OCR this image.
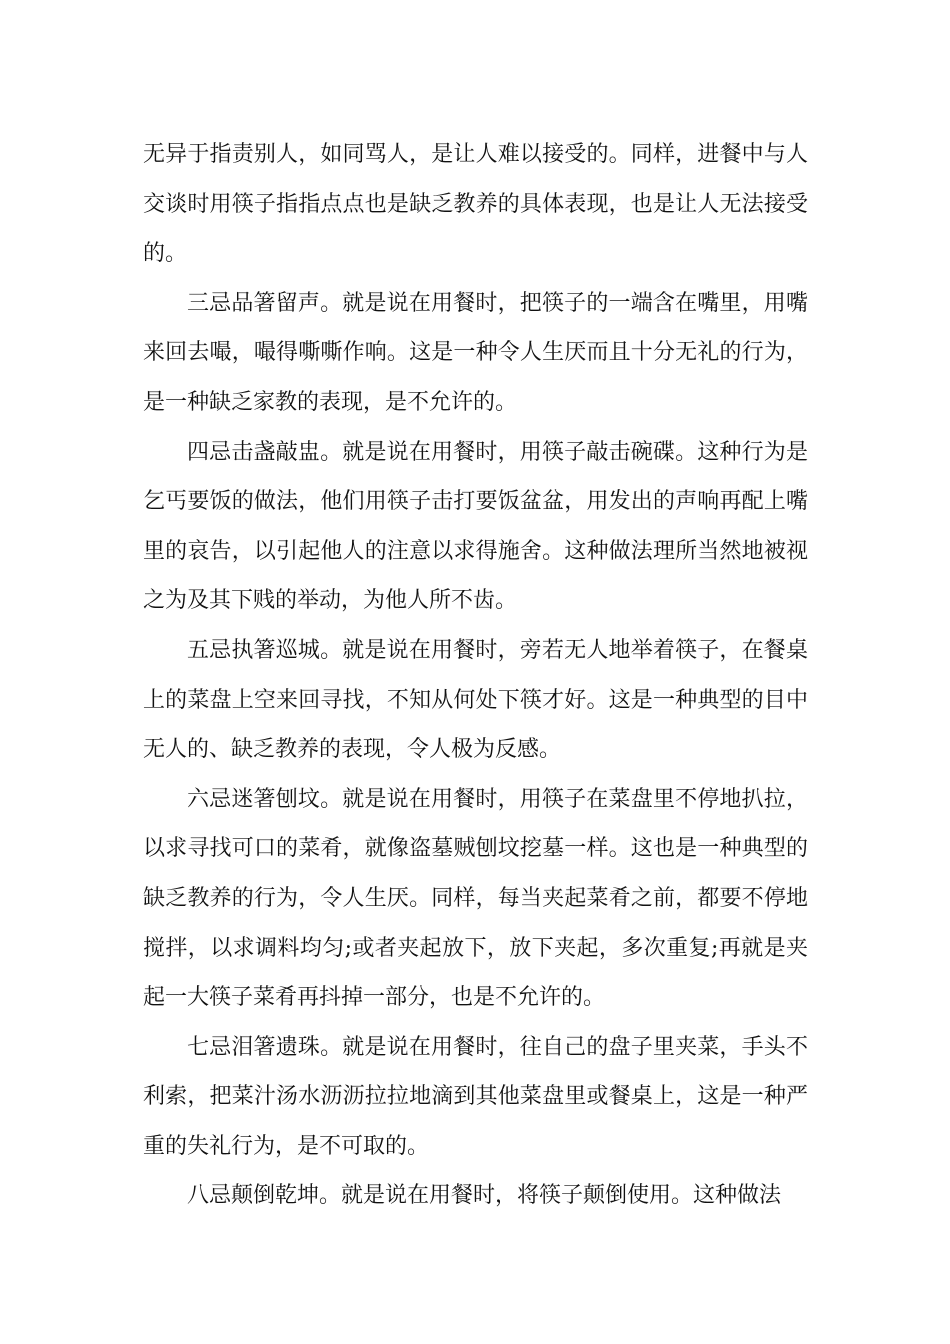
无异于指责别人，如同骂人，是让人难以接受的。同样，进餐中与人交谈时用筷子指指点点也是缺乏教养的具体表现，也是让人无法接受的。

三忌品箸留声。就是说在用餐时，把筷子的一端含在嘴里，用嘴来回去嘬，嘬得嘶嘶作响。这是一种令人生厌而且十分无礼的行为，是一种缺乏家教的表现，是不允许的。

四忌击盏敲盅。就是说在用餐时，用筷子敲击碗碟。这种行为是乞丐要饭的做法，他们用筷子击打要饭盆盆，用发出的声响再配上嘴里的哀告，以引起他人的注意以求得施舍。这种做法理所当然地被视之为及其下贱的举动，为他人所不齿。

五忌执箸巡城。就是说在用餐时，旁若无人地举着筷子，在餐桌上的菜盘上空来回寻找，不知从何处下筷才好。这是一种典型的目中无人的、缺乏教养的表现，令人极为反感。

六忌迷箸刨坟。就是说在用餐时，用筷子在菜盘里不停地扒拉，以求寻找可口的菜肴，就像盗墓贼刨坟挖墓一样。这也是一种典型的缺乏教养的行为，令人生厌。同样，每当夹起菜肴之前，都要不停地搅拌，以求调料均匀;或者夹起放下，放下夹起，多次重复;再就是夹起一大筷子菜肴再抖掉一部分，也是不允许的。

七忌泪箸遗珠。就是说在用餐时，往自己的盘子里夹菜，手头不利索，把菜汁汤水沥沥拉拉地滴到其他菜盘里或餐桌上，这是一种严重的失礼行为，是不可取的。

八忌颠倒乾坤。就是说在用餐时，将筷子颠倒使用。这种做法
